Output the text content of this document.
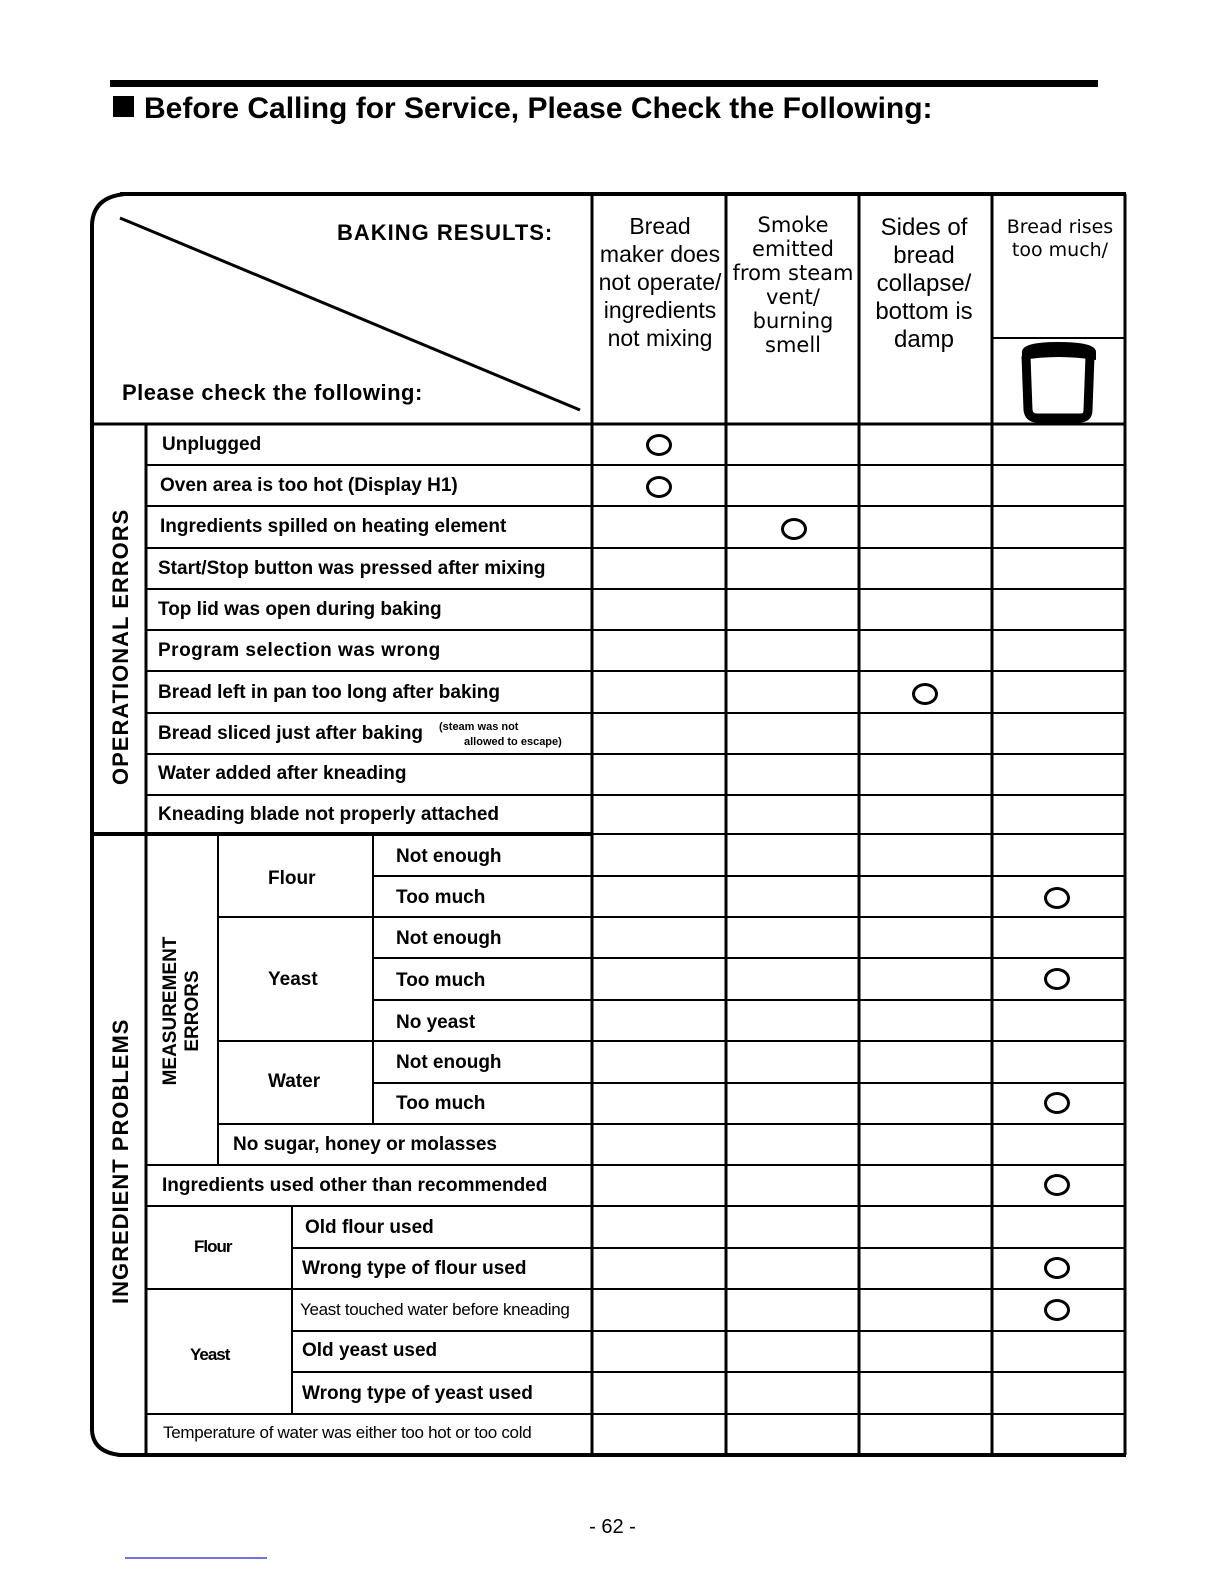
Before Calling for Service, Please Check the Following:
BAKING RESULTS:
Please check the following:
Bread maker does not operate/ ingredients not mixing
Smoke emitted from steam vent/ burning smell
Sides of bread collapse/ bottom is damp
Bread rises too much/
OPERATIONAL ERRORS
INGREDIENT PROBLEMS
MEASUREMENT ERRORS
Unplugged
Oven area is too hot (Display H1)
Ingredients spilled on heating element
Start/Stop button was pressed after mixing
Top lid was open during baking
Program selection was wrong
Bread left in pan too long after baking
Bread sliced just after baking (steam was not
allowed to escape)
Water added after kneading
Kneading blade not properly attached
Flour
Yeast
Water
Not enough
Too much
Not enough
Too much
No yeast
Not enough
Too much
No sugar, honey or molasses
Ingredients used other than recommended
Flour
Yeast
Old flour used
Wrong type of flour used
Yeast touched water before kneading
Old yeast used
Wrong type of yeast used
Temperature of water was either too hot or too cold
- 62 -
